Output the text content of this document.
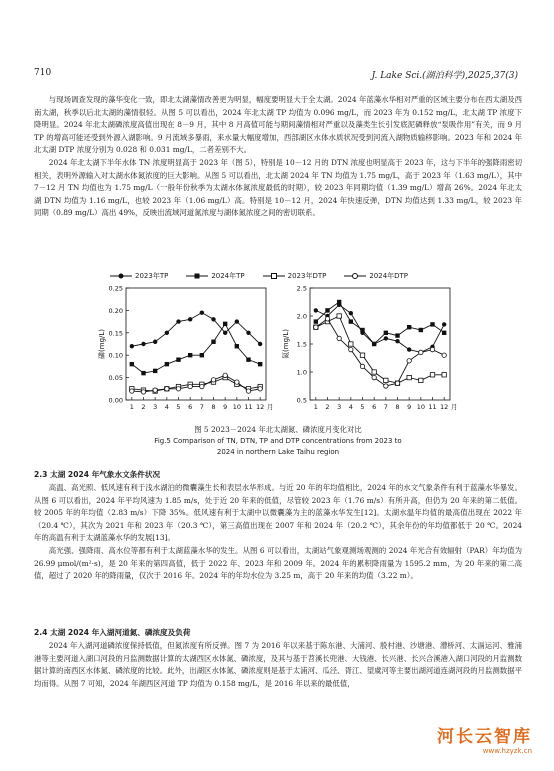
710	J. Lake Sci.(湖泊科学),2025,37(3)

与现场调查发现的藻华变化一致，即北太湖藻情改善更为明显，幅度要明显大于全太湖。2024 年蓝藻水华相对严重的区域主要分布在西太湖及西南太湖，秋季以后北太湖的藻情很轻。从图 5 可以看出，2024 年北太湖 TP 均值为 0.096 mg/L，而 2023 年为 0.152 mg/L，北太湖 TP 浓度下降明显。2024 年北太湖磷浓度高值出现在 8－9 月，其中 8 月高值可能与期间藻情相对严重以及藻类生长引发底泥磷释放“泵吸作用”有关，而 9 月 TP 的增高可能还受到外源入湖影响。9 月流域多暴雨，来水量大幅度增加，西部湖区水体水质状况受到河流入湖物质输移影响。2023 年和 2024 年北太湖 DTP 浓度分别为 0.028 和 0.031 mg/L，二者差别不大。

2024 年北太湖下半年水体 TN 浓度明显高于 2023 年（图 5），特别是 10－12 月的 DTN 浓度也明显高于 2023 年，这与下半年的强降雨密切相关，表明外源输入对太湖水体氮浓度的巨大影响。从图 5 可以看出，北太湖 2024 年 TN 均值为 1.75 mg/L，高于 2023 年（1.63 mg/L），其中 7－12 月 TN 均值也为 1.75 mg/L（一般年份秋季为太湖水体氮浓度最低的时期），较 2023 年同期均值（1.39 mg/L）增高 26%。2024 年北太湖 DTN 均值为 1.16 mg/L，也较 2023 年（1.06 mg/L）高。特别是 10－12 月，2024 年快速反弹，DTN 均值达到 1.33 mg/L，较 2023 年同期（0.89 mg/L）高出 49%，反映出流域河道氮浓度与湖体氮浓度之间的密切联系。

2023年TP	2024年TP	2023年DTP	2024年DTP
0.00
0.05
0.10
0.15
0.20
0.25
1 2 3 4 5 6 7 8 9 10 11 12 月
磷(mg/L)
0.5
1.0
1.5
2.0
2.5
1 2 3 4 5 6 7 8 9 10 11 12 月
氮(mg/L)
图 5 2023－2024 年北太湖氮、磷浓度月变化对比
Fig.5 Comparison of TN, DTN, TP and DTP concentrations from 2023 to
2024 in northern Lake Taihu region
2.3 太湖 2024 年气象水文条件状况

高温、高光照、低风速有利于浅水湖泊的微囊藻生长和表层水华形成。与近 20 年的年均值相比，2024 年的水文气象条件有利于蓝藻水华暴发。从图 6 可以看出，2024 年平均风速为 1.85 m/s，处于近 20 年来的低值，尽管较 2023 年（1.76 m/s）有所升高，但仍为 20 年来的第二低值。较 2005 年的年均值（2.83 m/s）下降 35%。低风速有利于太湖中以微囊藻为主的蓝藻水华发生[12]。太湖水温年均值的最高值出现在 2022 年（20.4 ℃），其次为 2021 年和 2023 年（20.3 ℃），第三高值出现在 2007 年和 2024 年（20.2 ℃），其余年份的年均值都低于 20 ℃。2024 年的高温有利于太湖蓝藻水华的发展[13]。

高光强、强降雨、高水位等都有利于太湖蓝藻水华的发生。从图 6 可以看出，太湖站气象观测场观测的 2024 年光合有效辐射（PAR）年均值为 26.99 μmol/(m²·s)，是 20 年来的第四高值，低于 2022 年、2023 年和 2009 年。2024 年的累积降雨量为 1595.2 mm，为 20 年来的第二高值，超过了 2020 年的降雨量，仅次于 2016 年。2024 年的年均水位为 3.25 m，高于 20 年来的均值（3.22 m）。

2.4 太湖 2024 年入湖河道氮、磷浓度及负荷

2024 年入湖河道磷浓度保持低值，但氮浓度有所反弹。图 7 为 2016 年以来基于陈东港、大浦河、殷村港、沙塘港、漕桥河、太滆运河、雅浦港等主要河道入湖口河段的月监测数据计算的太湖西区水体氮、磷浓度，及其与基于苕溪长兜港、大钱港、长兴港、长兴合溪港入湖口河段的月监测数据计算的南西区水体氮、磷浓度的比较。此外，出湖区水体氮、磷浓度则是基于太浦河、瓜泾、胥江、望虞河等主要出湖河道连湖河段的月监测数据平均而得。从图 7 可知，2024 年湖西区河道 TP 均值为 0.158 mg/L，是 2016 年以来的最低值，

河长云智库
www.hzyzk.cn
